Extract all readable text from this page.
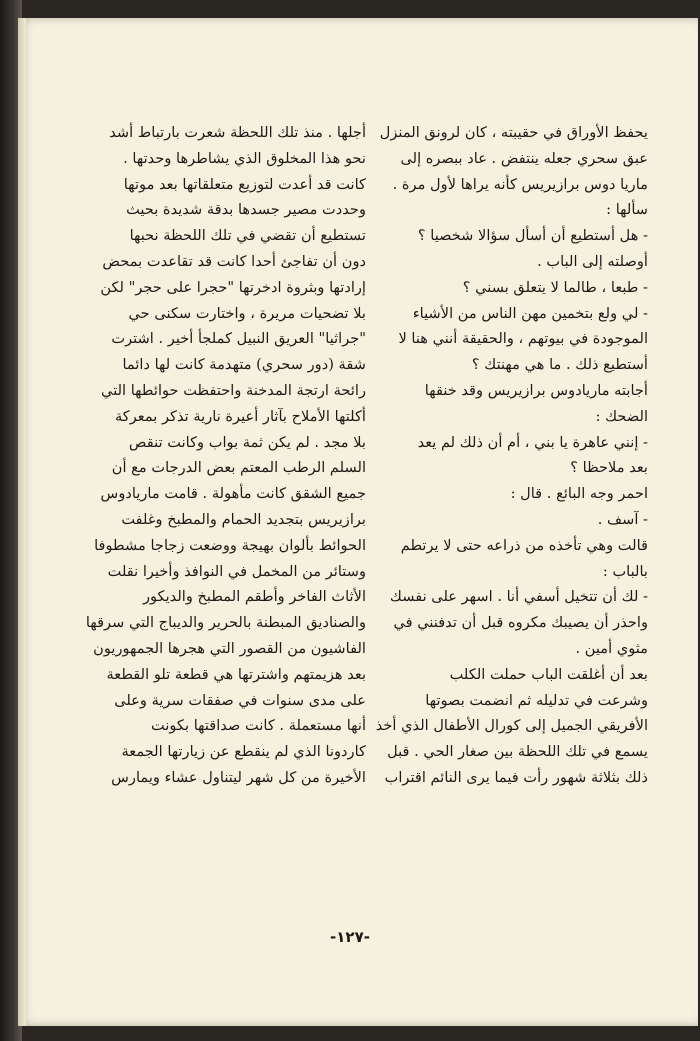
يحفظ الأوراق في حقيبته ، كان لرونق المنزل
عبق سحري جعله ينتفض . عاد ببصره إلى
ماريا دوس برازيريس كأنه يراها لأول مرة .
سألها :
- هل أستطيع أن أسأل سؤالا شخصيا ؟
أوصلته إلى الباب .
- طبعا ، طالما لا يتعلق بسني ؟
- لي ولع بتخمين مهن الناس من الأشياء
الموجودة في بيوتهم ، والحقيقة أنني هنا لا
أستطيع ذلك . ما هي مهنتك ؟
أجابته ماريادوس برازيريس وقد خنقها
الضحك :
- إنني عاهرة يا بني ، أم أن ذلك لم يعد
بعد ملاحظا ؟
احمر وجه البائع . قال :
- آسف .
قالت وهي تأخذه من ذراعه حتى لا يرتطم
بالباب :
- لك أن تتخيل أسفي أنا . اسهر على نفسك
واحذر أن يصيبك مكروه قبل أن تدفنني في
مثوي أمين .
بعد أن أغلقت الباب حملت الكلب
وشرعت في تدليله ثم انضمت بصوتها
الأفريقي الجميل إلى كورال الأطفال الذي أخذ
يسمع في تلك اللحظة بين صغار الحي . قبل
ذلك بثلاثة شهور رأت فيما يرى النائم اقتراب
أجلها . منذ تلك اللحظة شعرت بارتباط أشد
نحو هذا المخلوق الذي يشاطرها وحدتها .
كانت قد أعدت لتوزيع متعلقاتها بعد موتها
وحددت مصير جسدها بدقة شديدة بحيث
تستطيع أن تقضي في تلك اللحظة نحبها
دون أن تفاجئ أحدا كانت قد تقاعدت بمحض
إرادتها وبثروة ادخرتها "حجرا على حجر" لكن
بلا تضحيات مريرة ، واختارت سكنى حي
"جراثيا" العريق النبيل كملجأ أخير . اشترت
شقة (دور سحري) متهدمة كانت لها دائما
رائحة ارتجة المدخنة واحتفظت حوائطها التي
أكلتها الأملاح بآثار أعيرة نارية تذكر بمعركة
بلا مجد . لم يكن ثمة بواب وكانت تنقص
السلم الرطب المعتم بعض الدرجات مع أن
جميع الشقق كانت مأهولة . قامت ماريادوس
برازيريس بتجديد الحمام والمطبخ وغلفت
الحوائط بألوان بهيجة ووضعت زجاجا مشطوفا
وستائر من المخمل في النوافذ وأخيرا نقلت
الأثاث الفاخر وأطقم المطبخ والديكور
والصناديق المبطنة بالحرير والديباج التي سرقها
الفاشيون من القصور التي هجرها الجمهوريون
بعد هزيمتهم واشترتها هي قطعة تلو القطعة
على مدى سنوات في صفقات سرية وعلى
أنها مستعملة . كانت صداقتها بكونت
كاردونا الذي لم ينقطع عن زيارتها الجمعة
الأخيرة من كل شهر ليتناول عشاء ويمارس
-١٢٧-
